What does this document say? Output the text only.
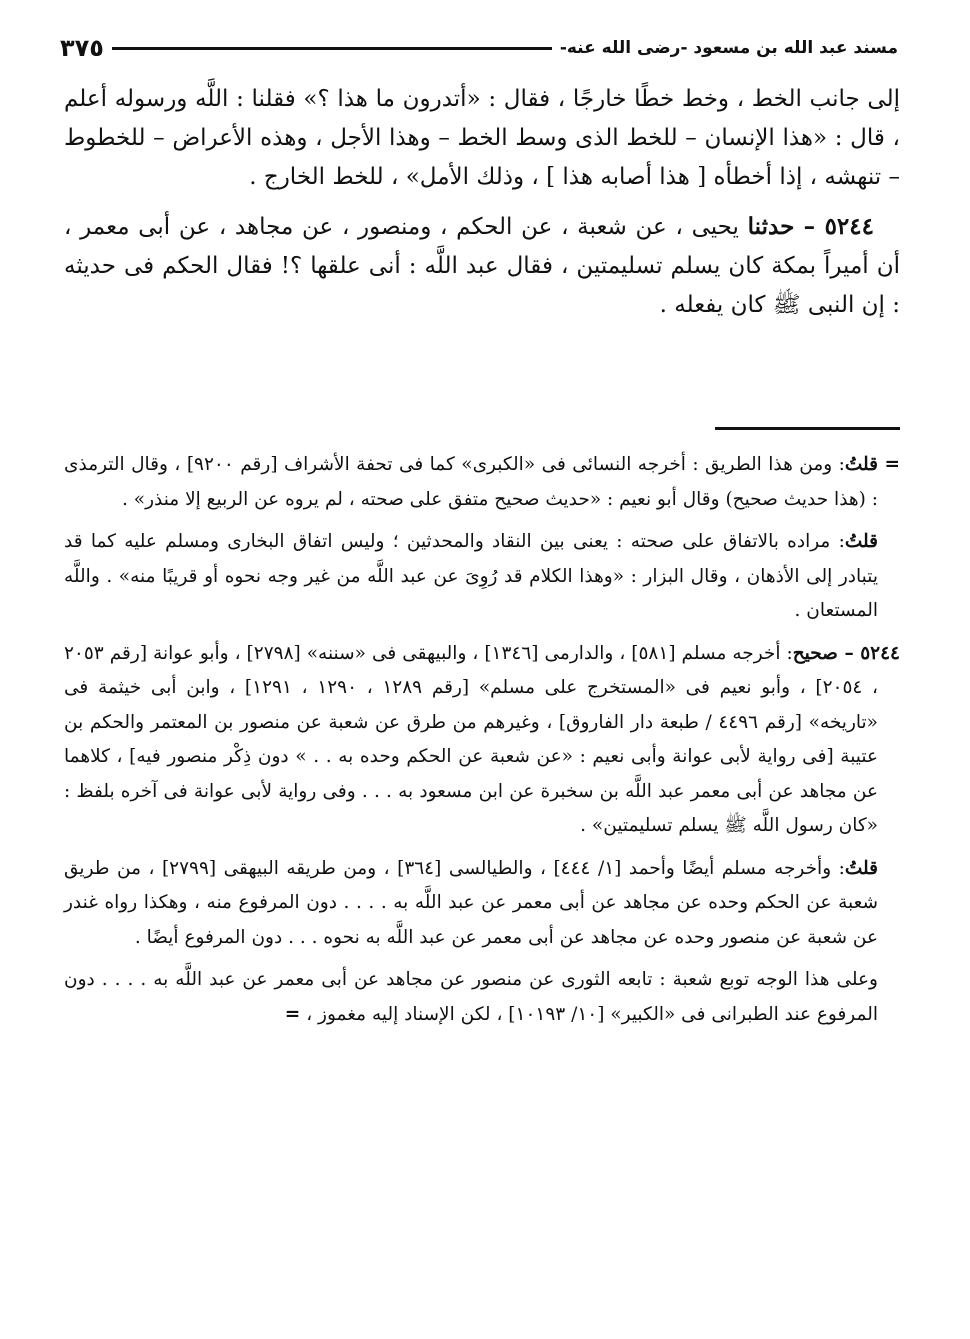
مسند عبد الله بن مسعود -رضى الله عنه-
٣٧٥

إلى جانب الخط ، وخط خطًا خارجًا ، فقال : «أتدرون ما هذا ؟» فقلنا : اللَّه ورسوله أعلم ، قال : «هذا الإنسان – للخط الذى وسط الخط – وهذا الأجل ، وهذه الأعراض – للخطوط – تنهشه ، إذا أخطأه [ هذا أصابه هذا ] ، وذلك الأمل» ، للخط الخارج .

٥٢٤٤ – حدثنا يحيى ، عن شعبة ، عن الحكم ، ومنصور ، عن مجاهد ، عن أبى معمر ، أن أميراً بمكة كان يسلم تسليمتين ، فقال عبد اللَّه : أنى علقها ؟! فقال الحكم فى حديثه : إن النبى ﷺ كان يفعله .

= قلتُ: ومن هذا الطريق : أخرجه النسائى فى «الكبرى» كما فى تحفة الأشراف [رقم ٩٢٠٠] ، وقال الترمذى : (هذا حديث صحيح) وقال أبو نعيم : «حديث صحيح متفق على صحته ، لم يروه عن الربيع إلا منذر» .

قلتُ: مراده بالاتفاق على صحته : يعنى بين النقاد والمحدثين ؛ وليس اتفاق البخارى ومسلم عليه كما قد يتبادر إلى الأذهان ، وقال البزار : «وهذا الكلام قد رُوِىَ عن عبد اللَّه من غير وجه نحوه أو قريبًا منه» . واللَّه المستعان .

٥٢٤٤ – صحيح: أخرجه مسلم [٥٨١] ، والدارمى [١٣٤٦] ، والبيهقى فى «سننه» [٢٧٩٨] ، وأبو عوانة [رقم ٢٠٥٣ ، ٢٠٥٤] ، وأبو نعيم فى «المستخرج على مسلم» [رقم ١٢٨٩ ، ١٢٩٠ ، ١٢٩١] ، وابن أبى خيثمة فى «تاريخه» [رقم ٤٤٩٦ / طبعة دار الفاروق] ، وغيرهم من طرق عن شعبة عن منصور بن المعتمر والحكم بن عتيبة [فى رواية لأبى عوانة وأبى نعيم : «عن شعبة عن الحكم وحده به . . » دون ذِكْر منصور فيه] ، كلاهما عن مجاهد عن أبى معمر عبد اللَّه بن سخبرة عن ابن مسعود به . . . وفى رواية لأبى عوانة فى آخره بلفظ : «كان رسول اللَّه ﷺ يسلم تسليمتين» .

قلتُ: وأخرجه مسلم أيضًا وأحمد [١/ ٤٤٤] ، والطيالسى [٣٦٤] ، ومن طريقه البيهقى [٢٧٩٩] ، من طريق شعبة عن الحكم وحده عن مجاهد عن أبى معمر عن عبد اللَّه به . . . . دون المرفوع منه ، وهكذا رواه غندر عن شعبة عن منصور وحده عن مجاهد عن أبى معمر عن عبد اللَّه به نحوه . . . دون المرفوع أيضًا .

وعلى هذا الوجه توبع شعبة : تابعه الثورى عن منصور عن مجاهد عن أبى معمر عن عبد اللَّه به . . . . دون المرفوع عند الطبرانى فى «الكبير» [١٠/ ١٠١٩٣] ، لكن الإسناد إليه مغموز ، =
